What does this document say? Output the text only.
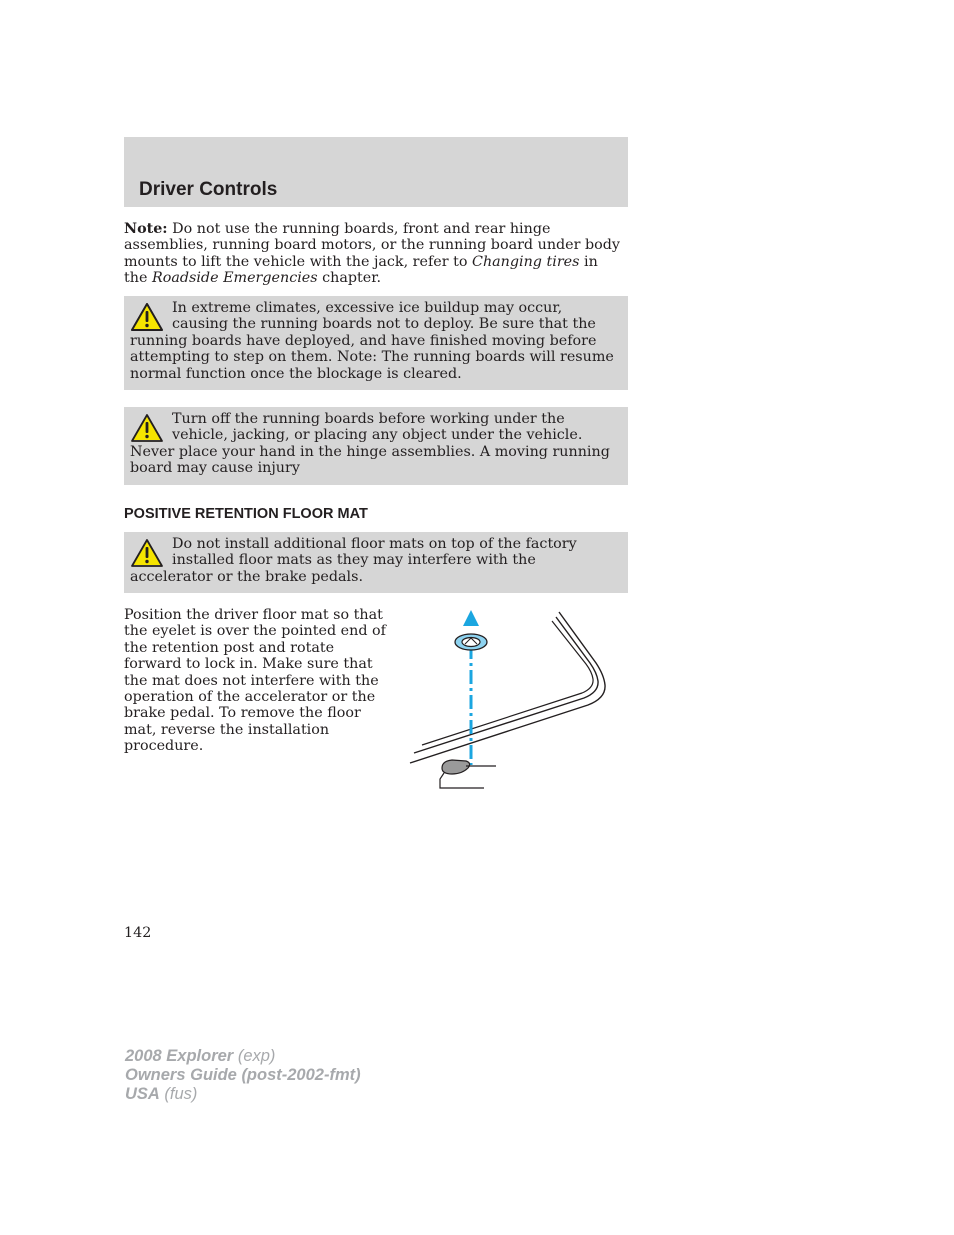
Driver Controls

Note: Do not use the running boards, front and rear hinge assemblies, running board motors, or the running board under body mounts to lift the vehicle with the jack, refer to Changing tires in the Roadside Emergencies chapter.

In extreme climates, excessive ice buildup may occur, causing the running boards not to deploy. Be sure that the running boards have deployed, and have finished moving before attempting to step on them. Note: The running boards will resume normal function once the blockage is cleared.

Turn off the running boards before working under the vehicle, jacking, or placing any object under the vehicle. Never place your hand in the hinge assemblies. A moving running board may cause injury

POSITIVE RETENTION FLOOR MAT

Do not install additional floor mats on top of the factory installed floor mats as they may interfere with the accelerator or the brake pedals.

Position the driver floor mat so that the eyelet is over the pointed end of the retention post and rotate forward to lock in. Make sure that the mat does not interfere with the operation of the accelerator or the brake pedal. To remove the floor mat, reverse the installation procedure.

142

2008 Explorer (exp)
Owners Guide (post-2002-fmt)
USA (fus)
